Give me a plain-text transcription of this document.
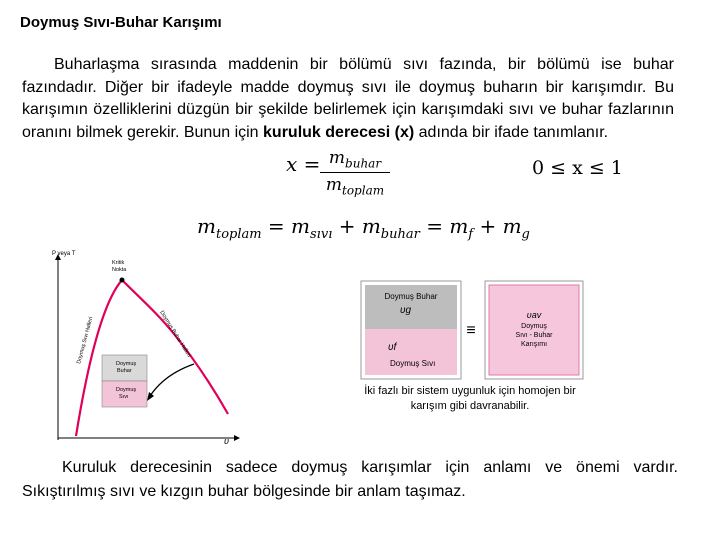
Doymuş Sıvı-Buhar Karışımı
Buharlaşma sırasında maddenin bir bölümü sıvı fazında, bir bölümü ise buhar fazındadır. Diğer bir ifadeyle madde doymuş sıvı ile doymuş buharın bir karışımdır. Bu karışımın özelliklerini düzgün bir şekilde belirlemek için karışımdaki sıvı ve buhar fazlarının oranını bilmek gerekir. Bunun için kuruluk derecesi (x) adında bir ifade tanımlanır.
$x = m_{buhar}$
$m_{toplam}$
0 ≤ x ≤ 1
$m_{toplam} = m_{sıvı} + m_{buhar} = m_f + m_g$
P veya T
υ
Kritik
Nokta
Doymuş Sıvı Halleri	Doymuş Buhar Halleri
Doymuş
Buhar
Doymuş
Sıvı
Doymuş Buhar
υg
υf
Doymuş Sıvı
≡
υav
Doymuş
Sıvı - Buhar
Karışımı
İki fazlı bir sistem uygunluk için homojen bir karışım gibi davranabilir.
Kuruluk derecesinin sadece doymuş karışımlar için anlamı ve önemi vardır. Sıkıştırılmış sıvı ve kızgın buhar bölgesinde bir anlam taşımaz.
